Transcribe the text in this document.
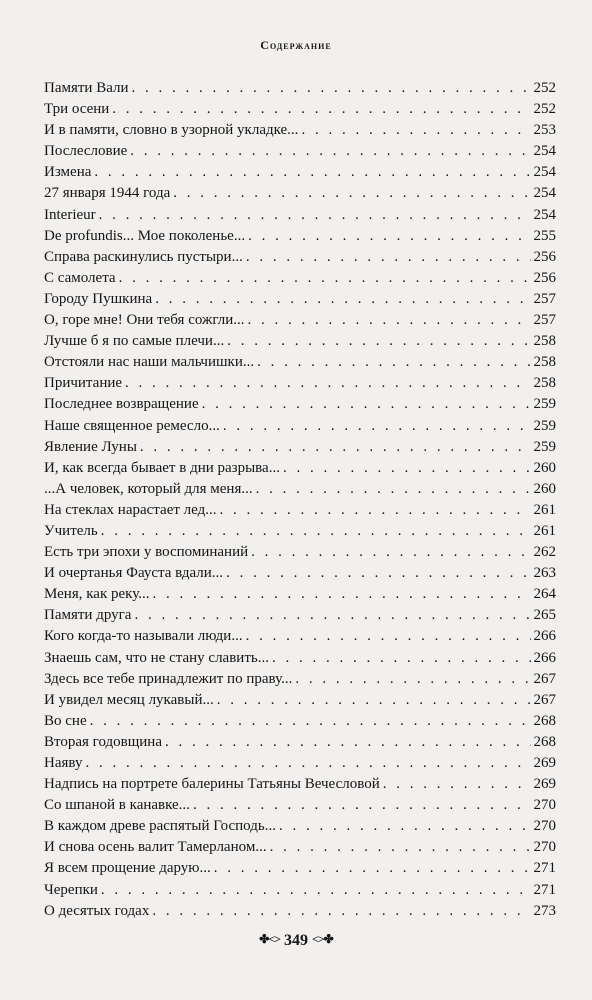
Содержание
Памяти Вали . . .	252
Три осени . . .	252
И в памяти, словно в узорной укладке... . . .	253
Послесловие . . .	254
Измена . . .	254
27 января 1944 года . . .	254
Interieur . . .	254
De profundis... Мое поколенье... . . .	255
Справа раскинулись пустыри... . . .	256
С самолета . . .	256
Городу Пушкина . . .	257
О, горе мне! Они тебя сожгли... . . .	257
Лучше б я по самые плечи... . . .	258
Отстояли нас наши мальчишки... . . .	258
Причитание . . .	258
Последнее возвращение . . .	259
Наше священное ремесло... . . .	259
Явление Луны . . .	259
И, как всегда бывает в дни разрыва... . . .	260
...А человек, который для меня... . . .	260
На стеклах нарастает лед... . . .	261
Учитель . . .	261
Есть три эпохи у воспоминаний . . .	262
И очертанья Фауста вдали... . . .	263
Меня, как реку... . . .	264
Памяти друга . . .	265
Кого когда-то называли люди... . . .	266
Знаешь сам, что не стану славить... . . .	266
Здесь все тебе принадлежит по праву... . . .	267
И увидел месяц лукавый... . . .	267
Во сне . . .	268
Вторая годовщина . . .	268
Наяву . . .	269
Надпись на портрете балерины Татьяны Вечесловой . . .	269
Со шпаной в канавке... . . .	270
В каждом древе распятый Господь... . . .	270
И снова осень валит Тамерланом... . . .	270
Я всем прощение дарую... . . .	271
Черепки . . .	271
О десятых годах . . .	273
✤<> 349 <>✤
